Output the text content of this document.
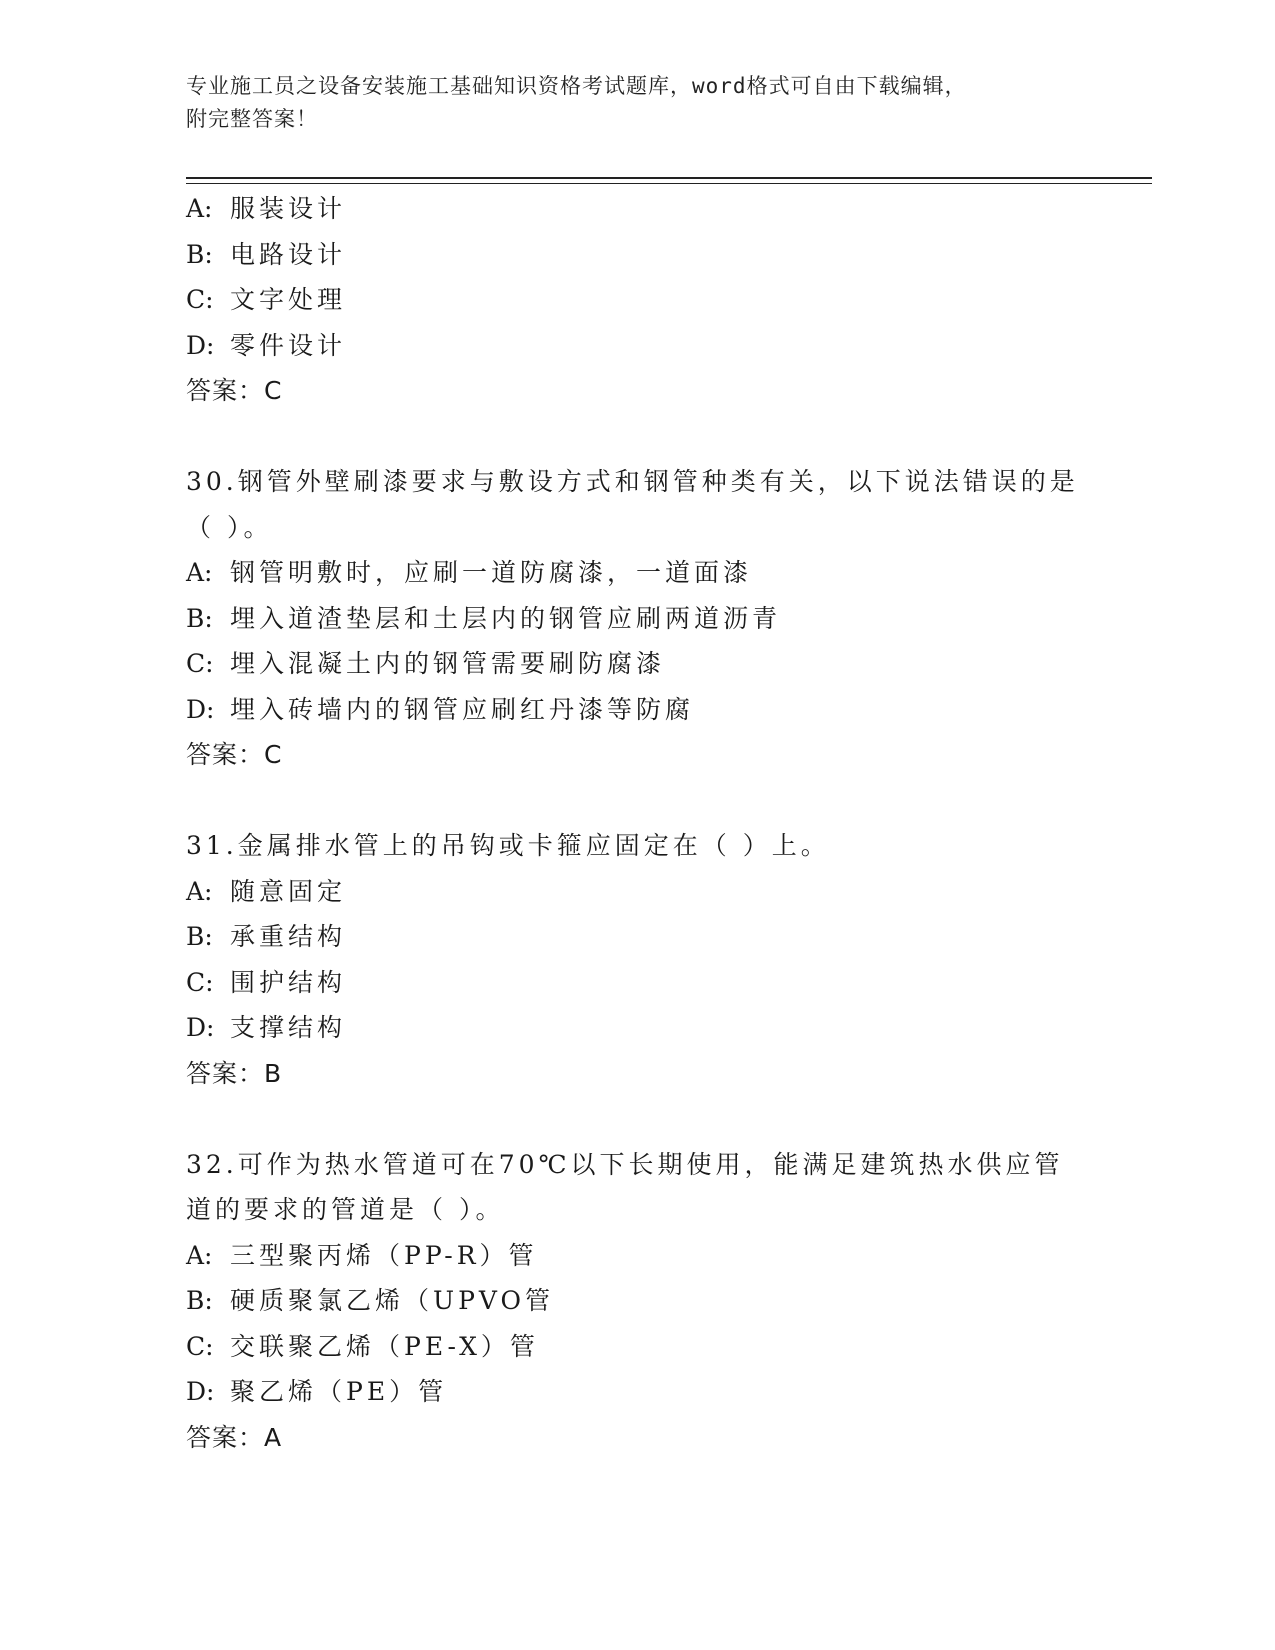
专业施工员之设备安装施工基础知识资格考试题库，word格式可自由下载编辑，
附完整答案！
A: 服装设计
B: 电路设计
C: 文字处理
D: 零件设计
答案：C
30.钢管外壁刷漆要求与敷设方式和钢管种类有关，以下说法错误的是（ ）。
A: 钢管明敷时，应刷一道防腐漆，一道面漆
B: 埋入道渣垫层和土层内的钢管应刷两道沥青
C: 埋入混凝土内的钢管需要刷防腐漆
D: 埋入砖墙内的钢管应刷红丹漆等防腐
答案：C
31.金属排水管上的吊钩或卡箍应固定在（ ）上。
A: 随意固定
B: 承重结构
C: 围护结构
D: 支撑结构
答案：B
32.可作为热水管道可在70℃以下长期使用，能满足建筑热水供应管道的要求的管道是（ ）。
A: 三型聚丙烯（PP-R）管
B: 硬质聚氯乙烯（UPVO管
C: 交联聚乙烯（PE-X）管
D: 聚乙烯（PE）管
答案：A
